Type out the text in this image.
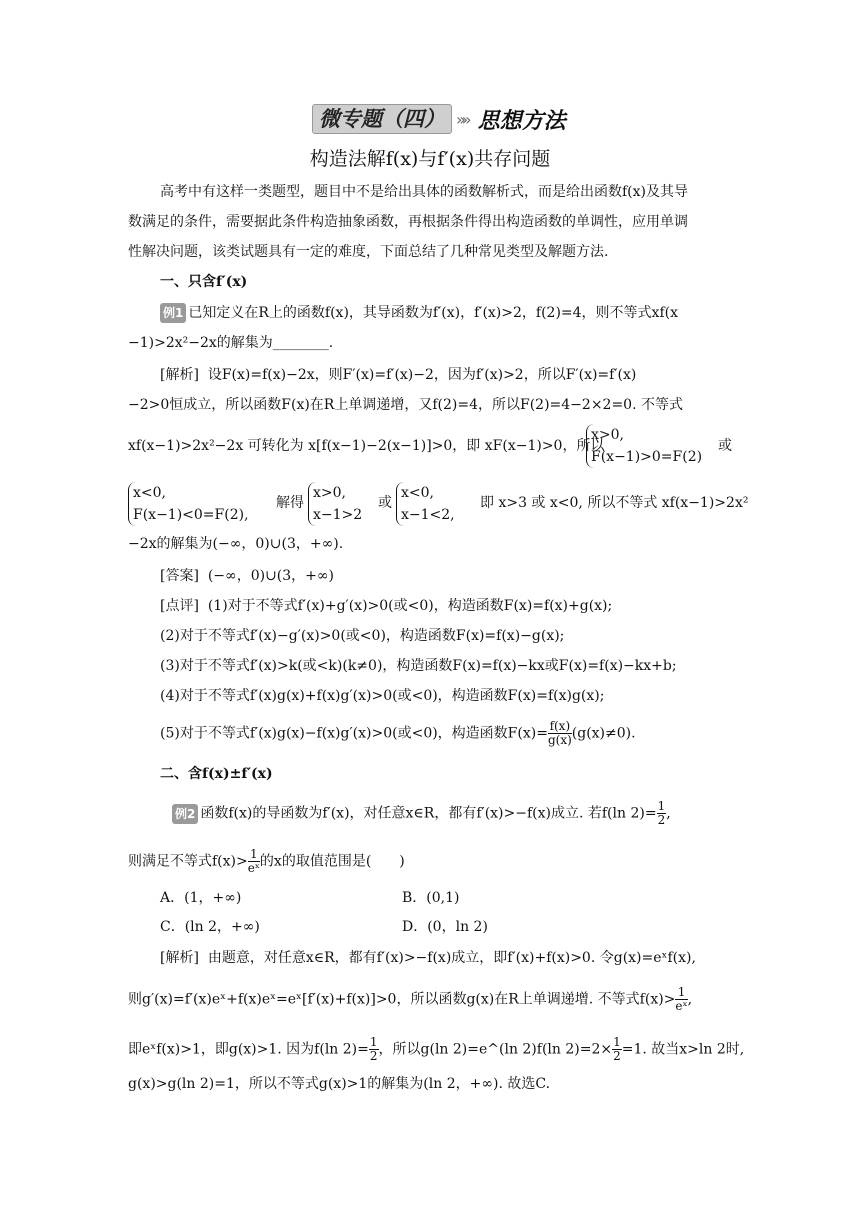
微专题（四） »» 思想方法
构造法解f(x)与f′(x)共存问题
高考中有这样一类题型，题目中不是给出具体的函数解析式，而是给出函数f(x)及其导
数满足的条件，需要据此条件构造抽象函数，再根据条件得出构造函数的单调性，应用单调
性解决问题，该类试题具有一定的难度，下面总结了几种常见类型及解题方法.
一、只含f′(x)
例1 已知定义在R上的函数f(x)，其导函数为f′(x)，f′(x)>2，f(2)=4，则不等式xf(x
−1)>2x²−2x的解集为________.
[解析] 设F(x)=f(x)−2x，则F′(x)=f′(x)−2，因为f′(x)>2，所以F′(x)=f′(x)
−2>0恒成立，所以函数F(x)在R上单调递增，又f(2)=4，所以F(2)=4−2×2=0. 不等式
xf(x−1)>2x²−2x 可转化为 x[f(x−1)−2(x−1)]>0，即 xF(x−1)>0，所以
x>0,
F(x−1)>0=F(2)
或
x<0,
F(x−1)<0=F(2),
解得
x>0,
x−1>2
或
x<0,
x−1<2,
即 x>3 或 x<0, 所以不等式 xf(x−1)>2x²
−2x的解集为(−∞，0)∪(3，+∞).
[答案] (−∞，0)∪(3，+∞)
[点评] (1)对于不等式f′(x)+g′(x)>0(或<0)，构造函数F(x)=f(x)+g(x);
(2)对于不等式f′(x)−g′(x)>0(或<0)，构造函数F(x)=f(x)−g(x);
(3)对于不等式f′(x)>k(或<k)(k≠0)，构造函数F(x)=f(x)−kx或F(x)=f(x)−kx+b;
(4)对于不等式f′(x)g(x)+f(x)g′(x)>0(或<0)，构造函数F(x)=f(x)g(x);
(5)对于不等式f′(x)g(x)−f(x)g′(x)>0(或<0)，构造函数$F(x)= \frac{f(x)}{g(x)} (g(x)\ne 0)$.
二、含f(x)±f′(x)
例2 函数f(x)的导函数为f′(x)，对任意x∈R，都有f′(x)>−f(x)成立. 若f(ln $2)= \frac{1}{2}$ ,
则满足不等式$f(x)> \frac{1}{\text{eˣ}}$ 的x的取值范围是(　　)
A．(1，+∞)	B．(0,1)
C．(ln 2，+∞)	D．(0，ln 2)
[解析] 由题意，对任意x∈R，都有f′(x)>−f(x)成立，即f′(x)+f(x)>0. 令g(x)=eˣf(x),
则g′(x)=f′(x)eˣ+f(x)eˣ=eˣ[f′(x)+f(x)]>0，所以函数g(x)在R上单调递增. 不等式$f(x)> \frac{1}{\text{eˣ}}$ ,
即eˣf(x)>1，即g(x)>1. 因为f(ln $2)= \frac{1}{2}$ ，所以g(ln 2)=e^(ln 2)f(ln $2)=2\times \frac{1}{2} =1$. 故当x>ln 2时,
g(x)>g(ln 2)=1，所以不等式g(x)>1的解集为(ln 2，+∞). 故选C.
